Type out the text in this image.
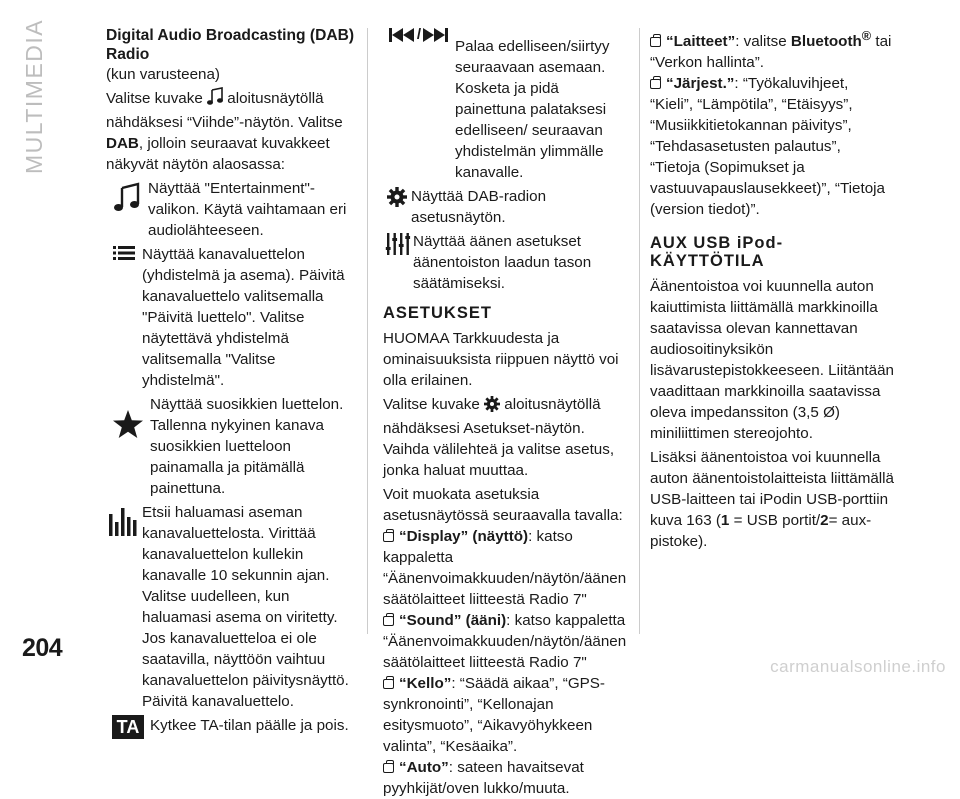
MULTIMEDIA	Digital Audio Broadcasting (DAB)
Radio

(kun varusteena)

Valitse kuvake aloitusnäytöllä nähdäksesi “Viihde”-näytön. Valitse DAB, jolloin seuraavat kuvakkeet näkyvät näytön alaosassa:

Näyttää "Entertainment"-valikon. Käytä vaihtamaan eri audiolähteeseen.
Näyttää kanavaluettelon (yhdistelmä ja asema). Päivitä kanavaluettelo valitsemalla "Päivitä luettelo". Valitse näytettävä yhdistelmä valitsemalla "Valitse yhdistelmä".
Näyttää suosikkien luettelon. Tallenna nykyinen kanava suosikkien luetteloon painamalla ja pitämällä painettuna.
Etsii haluamasi aseman kanavaluettelosta. Virittää kanavaluettelon kullekin kanavalle 10 sekunnin ajan. Valitse uudelleen, kun haluamasi asema on viritetty. Jos kanavaluetteloa ei ole saatavilla, näyttöön vaihtuu kanavaluettelon päivitysnäyttö. Päivitä kanavaluettelo.
TA Kytkee TA-tilan päälle ja pois.
/
Palaa edelliseen/siirtyy seuraavaan asemaan. Kosketa ja pidä painettuna palataksesi edelliseen/ seuraavan yhdistelmän ylimmälle kanavalle.
Näyttää DAB-radion asetusnäytön.
Näyttää äänen asetukset äänentoiston laadun tason säätämiseksi.
ASETUKSET

HUOMAA Tarkkuudesta ja ominaisuuksista riippuen näyttö voi olla erilainen.

Valitse kuvake aloitusnäytöllä nähdäksesi Asetukset-näytön. Vaihda välilehteä ja valitse asetus, jonka haluat muuttaa.

Voit muokata asetuksia asetusnäytössä seuraavalla tavalla:

“Display” (näyttö): katso kappaletta “Äänenvoimakkuuden/näytön/äänen säätölaitteet liitteestä Radio 7"
“Sound” (ääni): katso kappaletta “Äänenvoimakkuuden/näytön/äänen säätölaitteet liitteestä Radio 7"
“Kello”: “Säädä aikaa”, “GPS-synkronointi”, “Kellonajan esitysmuoto”, “Aikavyöhykkeen valinta”, “Kesäaika”.
“Auto”: sateen havaitsevat pyyhkijät/oven lukko/muuta.
“Laitteet”: valitse Bluetooth® tai “Verkon hallinta”.
“Järjest.”: “Työkaluvihjeet, “Kieli”, “Lämpötila”, “Etäisyys”, “Musiikkitietokannan päivitys”, “Tehdasasetusten palautus”, “Tietoja (Sopimukset ja vastuuvapauslausekkeet)”, “Tietoja (version tiedot)”.
AUX USB iPod-
KÄYTTÖTILA

Äänentoistoa voi kuunnella auton kaiuttimista liittämällä markkinoilla saatavissa olevan kannettavan audiosoitinyksikön lisävarustepistokkeeseen. Liitäntään vaadittaan markkinoilla saatavissa oleva impedanssiton (3,5 Ø) miniliittimen stereojohto.

Lisäksi äänentoistoa voi kuunnella auton äänentoistolaitteista liittämällä USB-laitteen tai iPodin USB-porttiin kuva 163 (1 = USB portit/2= aux-pistoke).

204
carmanualsonline.info
